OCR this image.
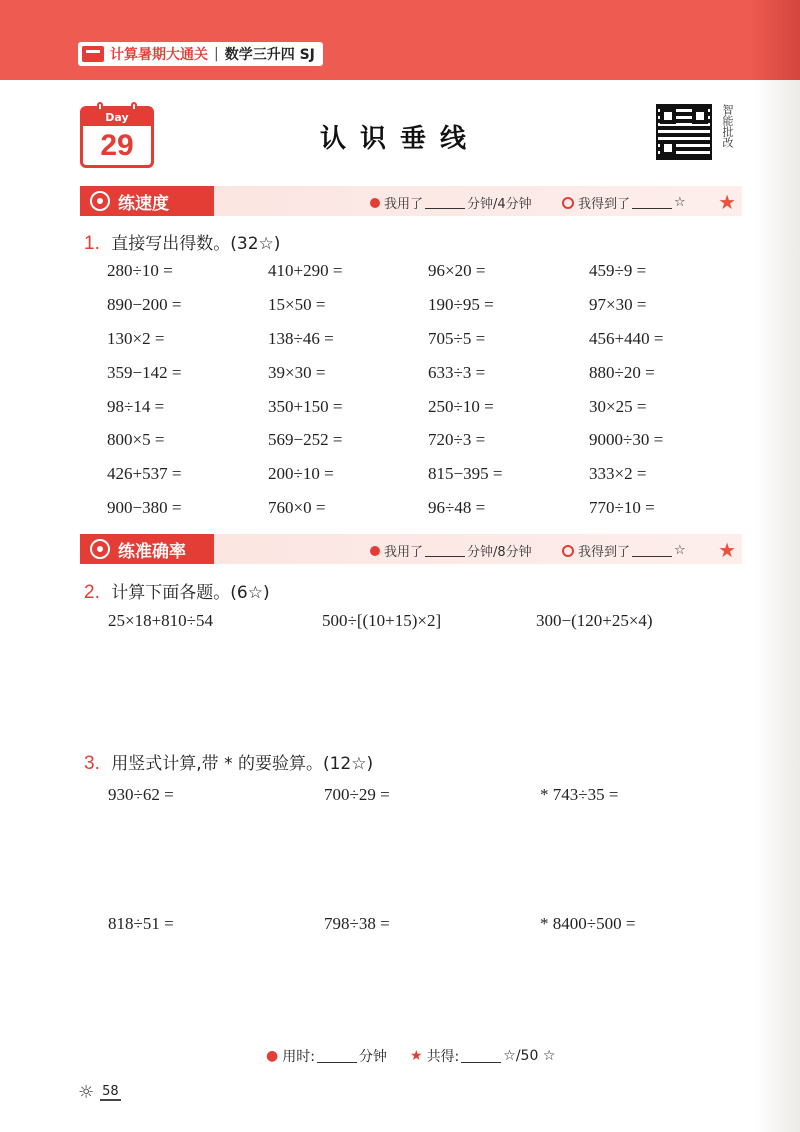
计算暑期大通关 | 数学三升四 SJ
Day
29	认识垂线	智能批改
练速度	我用了	分钟/4分钟	我得到了	☆ ★
1. 直接写出得数。(32☆)
280÷10 =	410+290 =	96×20 =	459÷9 =
890−200 =	15×50 =	190÷95 =	97×30 =
130×2 =	138÷46 =	705÷5 =	456+440 =
359−142 =	39×30 =	633÷3 =	880÷20 =
98÷14 =	350+150 =	250÷10 =	30×25 =
800×5 =	569−252 =	720÷3 =	9000÷30 =
426+537 =	200÷10 =	815−395 =	333×2 =
900−380 =	760×0 =	96÷48 =	770÷10 =
练准确率	我用了	分钟/8分钟	我得到了	☆ ★
2. 计算下面各题。(6☆)
25×18+810÷54	500÷[(10+15)×2]	300−(120+25×4)
3. 用竖式计算,带 * 的要验算。(12☆)
930÷62 =	700÷29 =	* 743÷35 =
818÷51 =	798÷38 =	* 8400÷500 =
● 用时:	分钟 ★ 共得:	☆/50 ☆
☼ 58
